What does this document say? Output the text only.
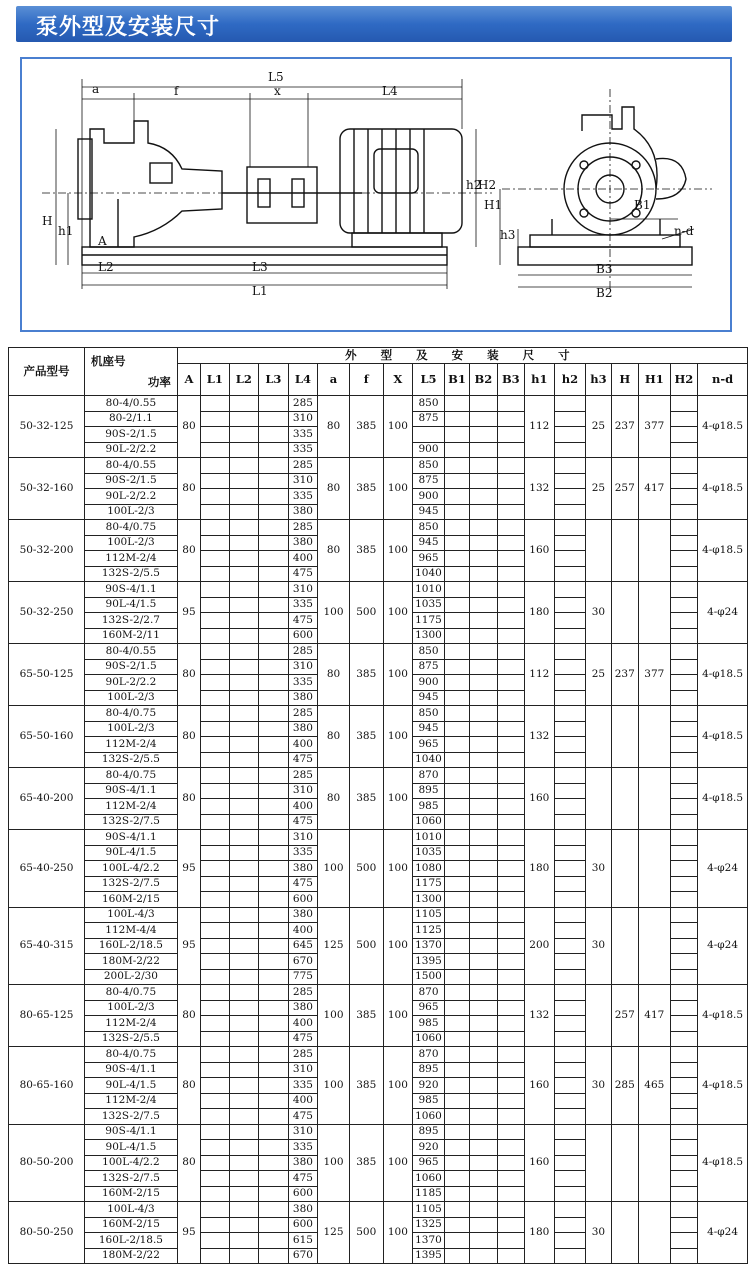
泵外型及安装尺寸
a	f	x
L5
L4
H
h1
h2
H2
A
L2	L3
L1
H1
h3
B1
B3
B2
n-d
产品型号	机座号
功率	外 型 及 安 装 尺 寸																		
		A	L1	L2	L3	L4	a	f	X	L5	B1	B2	B3	h1	h2	h3	H	H1	H2	n-d
50-32-125	80-4/0.55	80				285	80	385	100	850				112		25	237	377		4-φ18.5
	80-2/1.1					310				875										
	90S-2/1.5					335														
	90L-2/2.2					335				900										
50-32-160	80-4/0.55	80				285	80	385	100	850				132		25	257	417		4-φ18.5
	90S-2/1.5					310				875										
	90L-2/2.2					335				900										
	100L-2/3					380				945										
50-32-200	80-4/0.75	80				285	80	385	100	850				160						4-φ18.5
	100L-2/3					380				945										
	112M-2/4					400				965										
	132S-2/5.5					475				1040										
50-32-250	90S-4/1.1	95				310	100	500	100	1010				180		30				4-φ24
	90L-4/1.5					335				1035										
	132S-2/2.7					475				1175										
	160M-2/11					600				1300										
65-50-125	80-4/0.55	80				285	80	385	100	850				112		25	237	377		4-φ18.5
	90S-2/1.5					310				875										
	90L-2/2.2					335				900										
	100L-2/3					380				945										
65-50-160	80-4/0.75	80				285	80	385	100	850				132						4-φ18.5
	100L-2/3					380				945										
	112M-2/4					400				965										
	132S-2/5.5					475				1040										
65-40-200	80-4/0.75	80				285	80	385	100	870				160						4-φ18.5
	90S-4/1.1					310				895										
	112M-2/4					400				985										
	132S-2/7.5					475				1060										
65-40-250	90S-4/1.1	95				310	100	500	100	1010				180		30				4-φ24
	90L-4/1.5					335				1035										
	100L-4/2.2					380				1080										
	132S-2/7.5					475				1175										
	160M-2/15					600				1300										
65-40-315	100L-4/3	95				380	125	500	100	1105				200		30				4-φ24
	112M-4/4					400				1125										
	160L-2/18.5					645				1370										
	180M-2/22					670				1395										
	200L-2/30					775				1500										
80-65-125	80-4/0.75	80				285	100	385	100	870				132			257	417		4-φ18.5
	100L-2/3					380				965										
	112M-2/4					400				985										
	132S-2/5.5					475				1060										
80-65-160	80-4/0.75	80				285	100	385	100	870				160		30	285	465		4-φ18.5
	90S-4/1.1					310				895										
	90L-4/1.5					335				920										
	112M-2/4					400				985										
	132S-2/7.5					475				1060										
80-50-200	90S-4/1.1	80				310	100	385	100	895				160						4-φ18.5
	90L-4/1.5					335				920										
	100L-4/2.2					380				965										
	132S-2/7.5					475				1060										
	160M-2/15					600				1185										
80-50-250	100L-4/3	95				380	125	500	100	1105				180		30				4-φ24
	160M-2/15					600				1325										
	160L-2/18.5					615				1370										
	180M-2/22					670				1395										
